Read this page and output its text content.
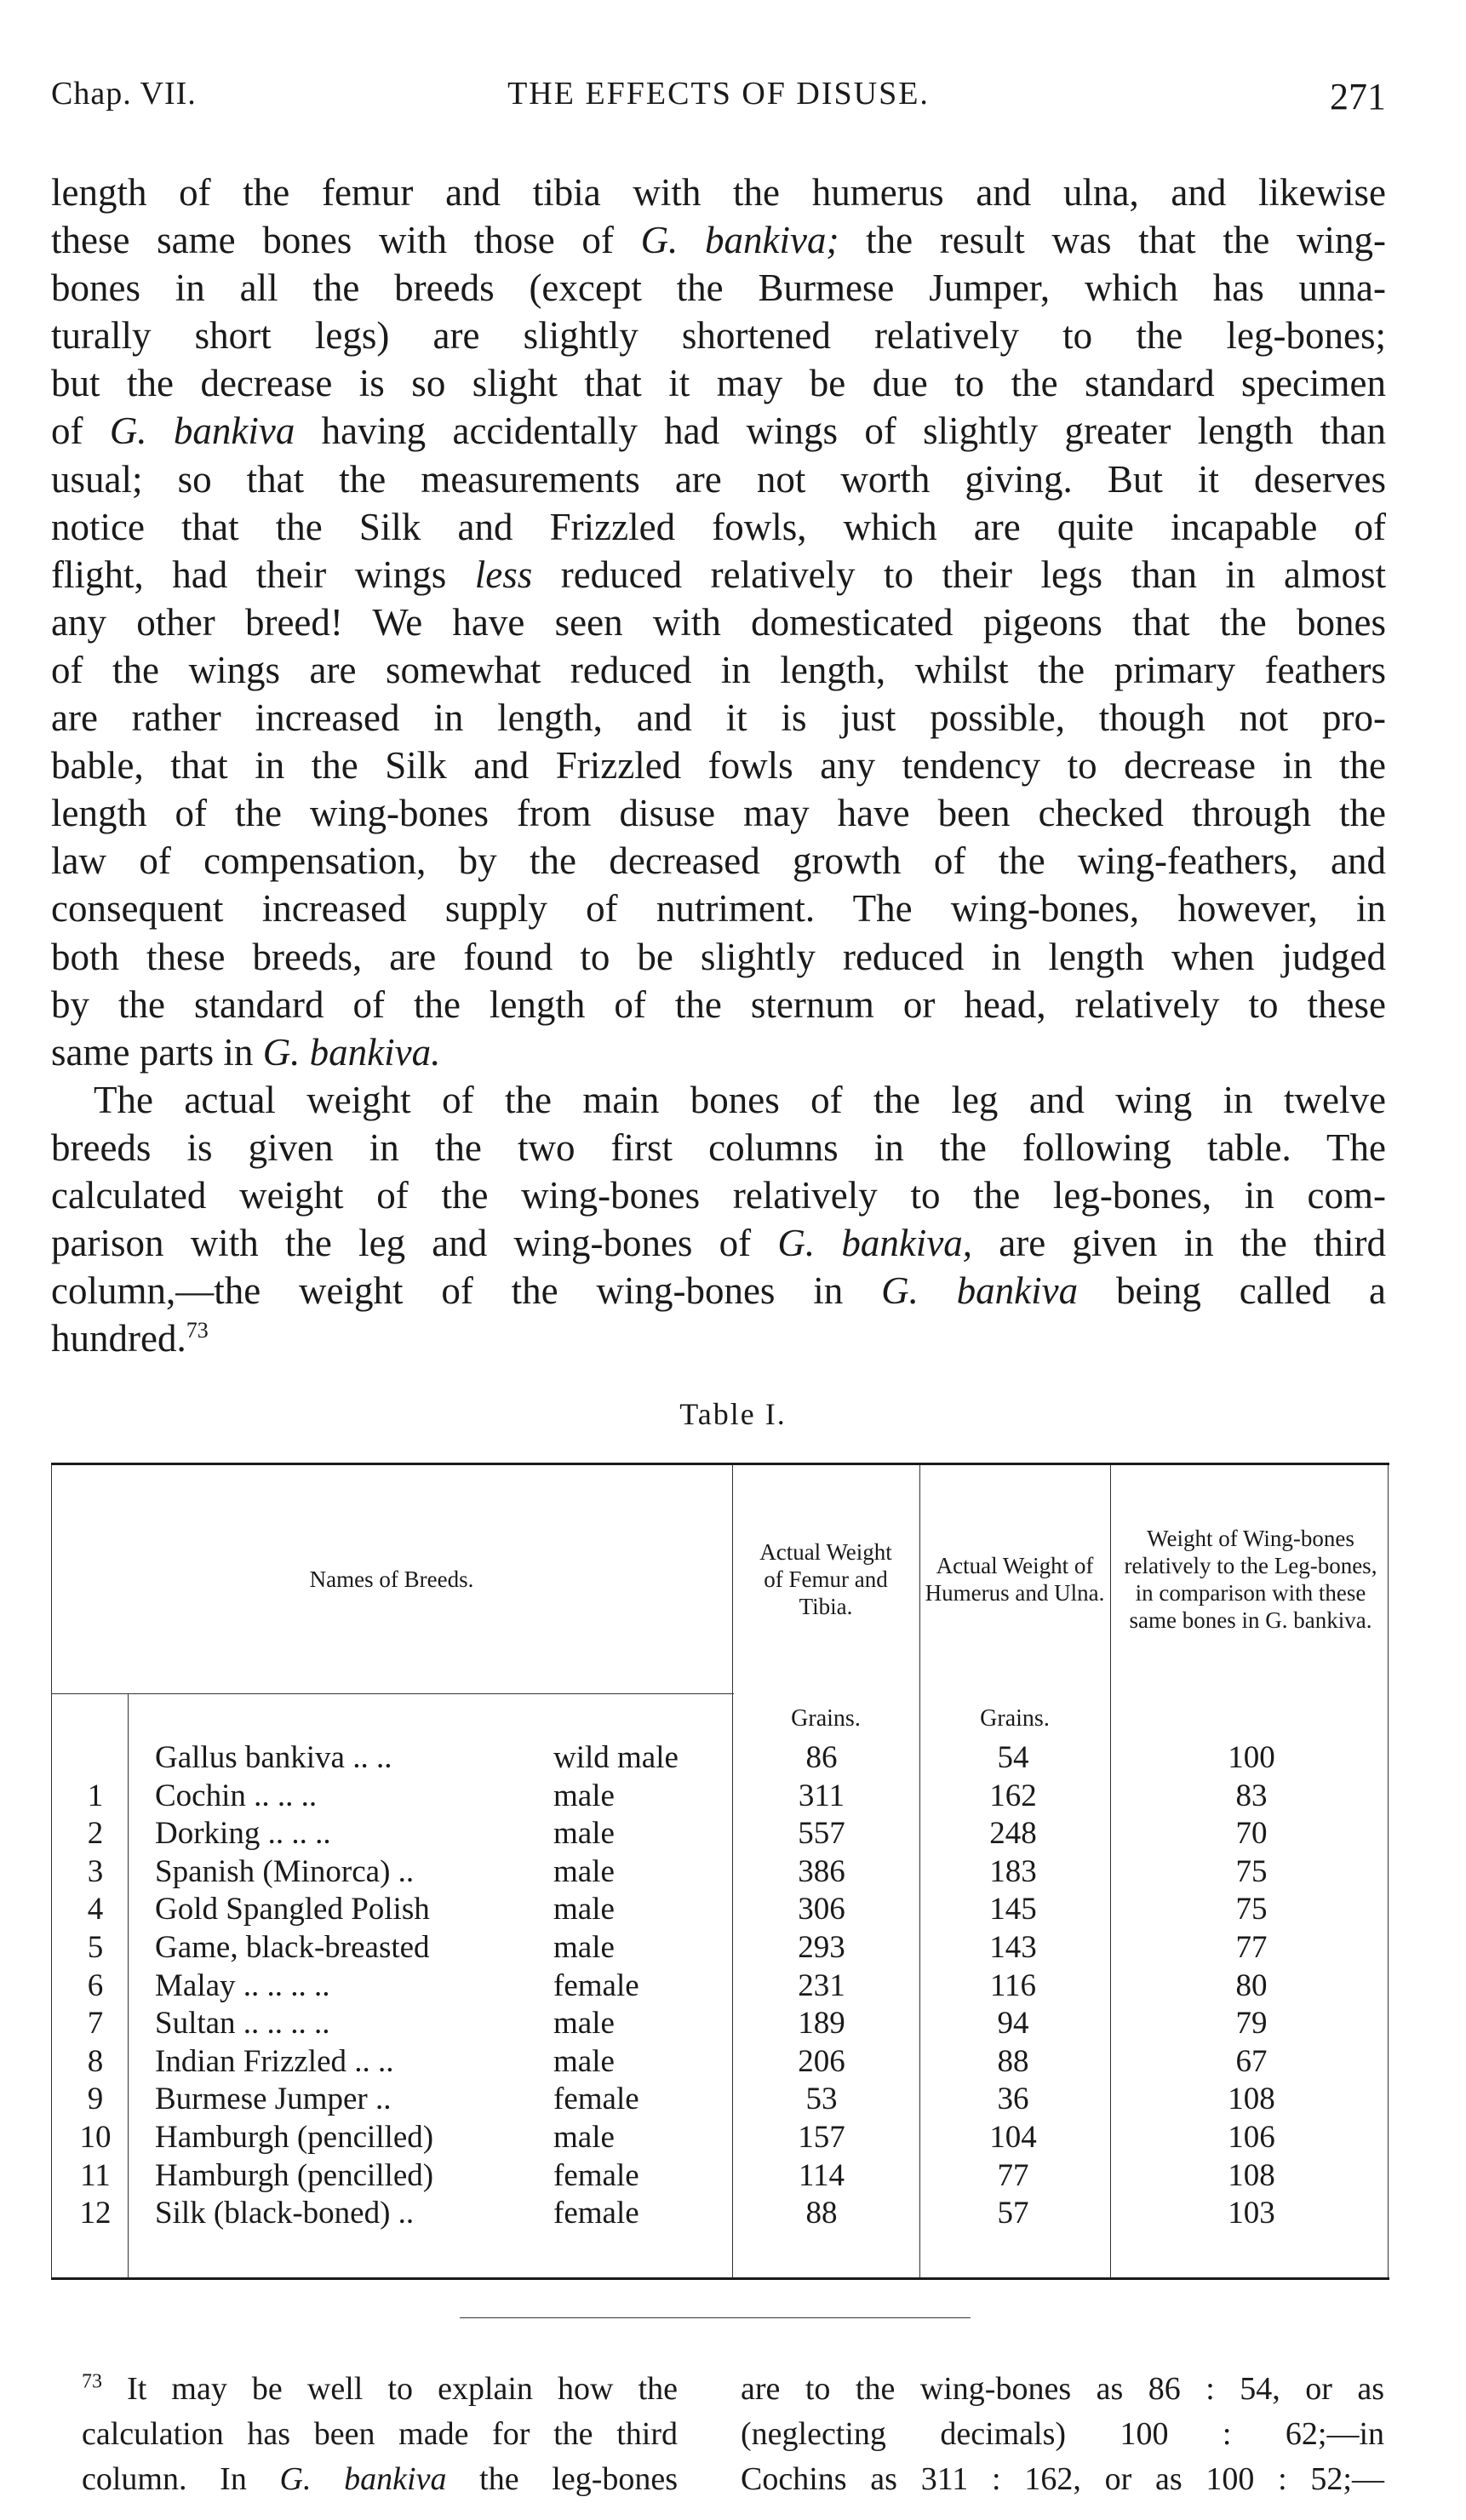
Chap. VII.	THE EFFECTS OF DISUSE.	271
length of the femur and tibia with the humerus and ulna, and likewise
these same bones with those of G. bankiva; the result was that the wing-
bones in all the breeds (except the Burmese Jumper, which has unna-
turally short legs) are slightly shortened relatively to the leg-bones;
but the decrease is so slight that it may be due to the standard specimen
of G. bankiva having accidentally had wings of slightly greater length than
usual; so that the measurements are not worth giving. But it deserves
notice that the Silk and Frizzled fowls, which are quite incapable of
flight, had their wings less reduced relatively to their legs than in almost
any other breed! We have seen with domesticated pigeons that the bones
of the wings are somewhat reduced in length, whilst the primary feathers
are rather increased in length, and it is just possible, though not pro-
bable, that in the Silk and Frizzled fowls any tendency to decrease in the
length of the wing-bones from disuse may have been checked through the
law of compensation, by the decreased growth of the wing-feathers, and
consequent increased supply of nutriment. The wing-bones, however, in
both these breeds, are found to be slightly reduced in length when judged
by the standard of the length of the sternum or head, relatively to these
same parts in G. bankiva.
The actual weight of the main bones of the leg and wing in twelve
breeds is given in the two first columns in the following table. The
calculated weight of the wing-bones relatively to the leg-bones, in com-
parison with the leg and wing-bones of G. bankiva, are given in the third
column,—the weight of the wing-bones in G. bankiva being called a
hundred.$^{73}$
Table I.
Names of Breeds.
Actual Weight of Femur and Tibia.
Actual Weight of Humerus and Ulna.
Weight of Wing-bones relatively to the Leg-bones, in comparison with these same bones in G. bankiva.
Grains.	Grains.
Gallus bankiva .. ..	wild male	86	54	100
1	Cochin .. .. ..	male	311	162	83
2	Dorking .. .. ..	male	557	248	70
3	Spanish (Minorca) ..	male	386	183	75
4	Gold Spangled Polish	male	306	145	75
5	Game, black-breasted	male	293	143	77
6	Malay .. .. .. ..	female	231	116	80
7	Sultan .. .. .. ..	male	189	94	79
8	Indian Frizzled .. ..	male	206	88	67
9	Burmese Jumper ..	female	53	36	108
10	Hamburgh (pencilled)	male	157	104	106
11	Hamburgh (pencilled)	female	114	77	108
12	Silk (black-boned) ..	female	88	57	103
$^{73}$ It may be well to explain how the
calculation has been made for the third
column. In G. bankiva the leg-bones
are to the wing-bones as 86 : 54, or as
(neglecting decimals) 100 : 62;—in
Cochins as 311 : 162, or as 100 : 52;—
